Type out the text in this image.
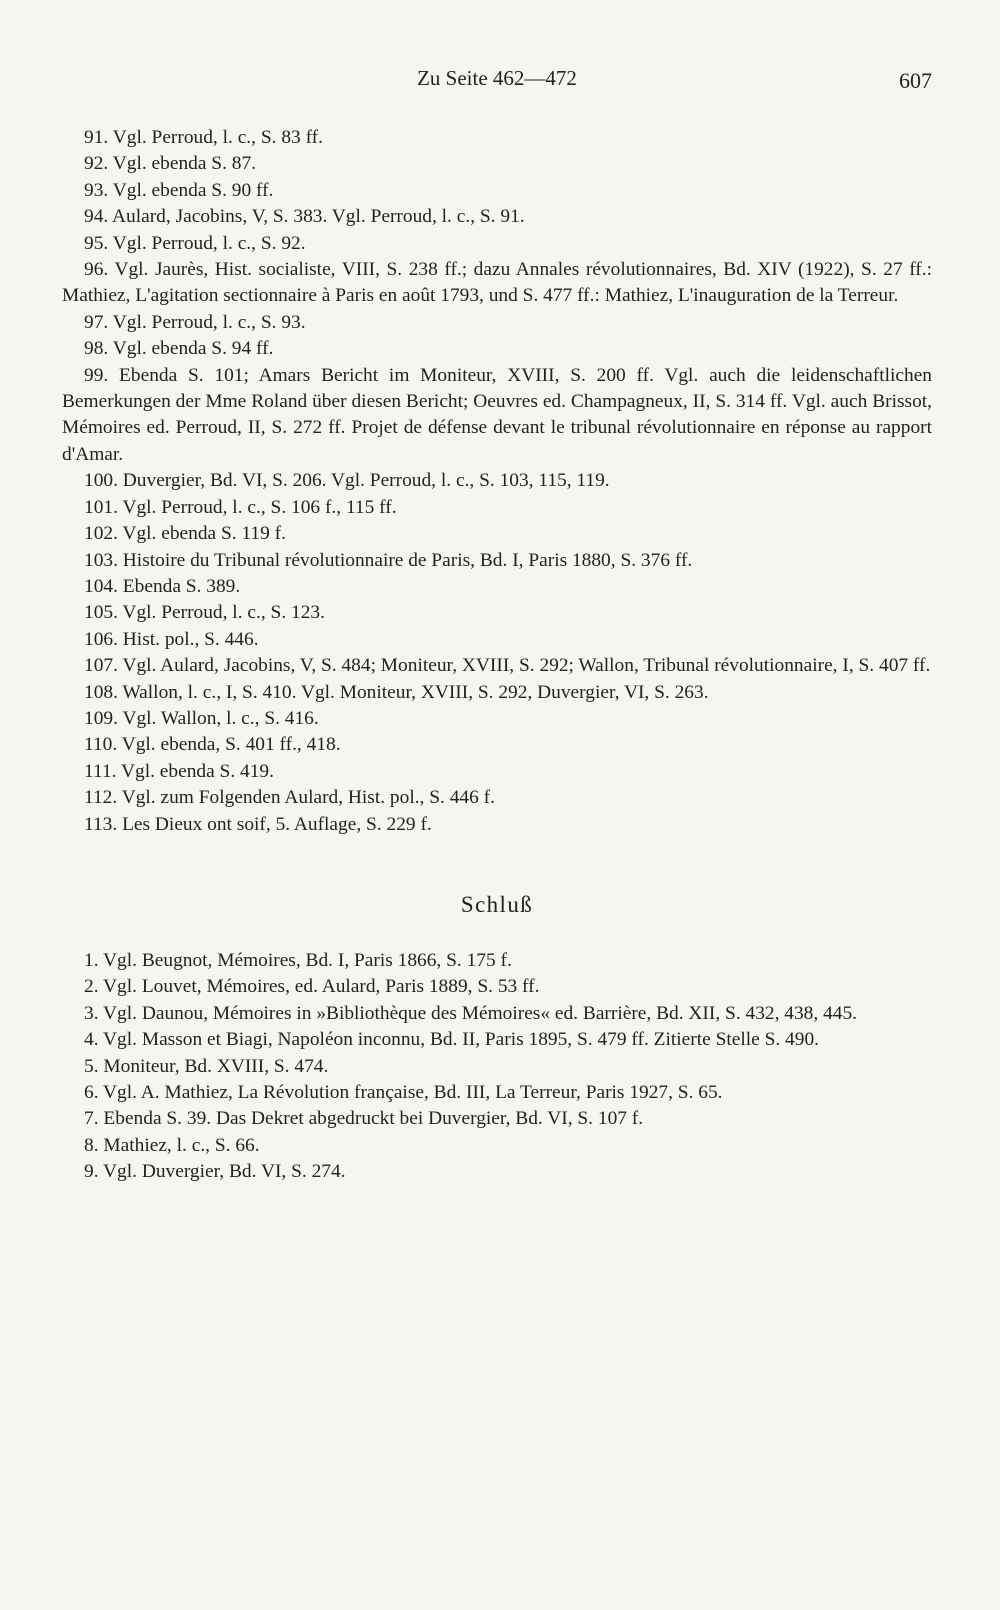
Zu Seite 462—472	607

91. Vgl. Perroud, l. c., S. 83 ff.

92. Vgl. ebenda S. 87.

93. Vgl. ebenda S. 90 ff.

94. Aulard, Jacobins, V, S. 383. Vgl. Perroud, l. c., S. 91.

95. Vgl. Perroud, l. c., S. 92.

96. Vgl. Jaurès, Hist. socialiste, VIII, S. 238 ff.; dazu Annales révolutionnaires, Bd. XIV (1922), S. 27 ff.: Mathiez, L'agitation sectionnaire à Paris en août 1793, und S. 477 ff.: Mathiez, L'inauguration de la Terreur.

97. Vgl. Perroud, l. c., S. 93.

98. Vgl. ebenda S. 94 ff.

99. Ebenda S. 101; Amars Bericht im Moniteur, XVIII, S. 200 ff. Vgl. auch die leidenschaftlichen Bemerkungen der Mme Roland über diesen Bericht; Oeuvres ed. Champagneux, II, S. 314 ff. Vgl. auch Brissot, Mémoires ed. Perroud, II, S. 272 ff. Projet de défense devant le tribunal révolutionnaire en réponse au rapport d'Amar.

100. Duvergier, Bd. VI, S. 206. Vgl. Perroud, l. c., S. 103, 115, 119.

101. Vgl. Perroud, l. c., S. 106 f., 115 ff.

102. Vgl. ebenda S. 119 f.

103. Histoire du Tribunal révolutionnaire de Paris, Bd. I, Paris 1880, S. 376 ff.

104. Ebenda S. 389.

105. Vgl. Perroud, l. c., S. 123.

106. Hist. pol., S. 446.

107. Vgl. Aulard, Jacobins, V, S. 484; Moniteur, XVIII, S. 292; Wallon, Tribunal révolutionnaire, I, S. 407 ff.

108. Wallon, l. c., I, S. 410. Vgl. Moniteur, XVIII, S. 292, Duvergier, VI, S. 263.

109. Vgl. Wallon, l. c., S. 416.

110. Vgl. ebenda, S. 401 ff., 418.

111. Vgl. ebenda S. 419.

112. Vgl. zum Folgenden Aulard, Hist. pol., S. 446 f.

113. Les Dieux ont soif, 5. Auflage, S. 229 f.

Schluß

1. Vgl. Beugnot, Mémoires, Bd. I, Paris 1866, S. 175 f.

2. Vgl. Louvet, Mémoires, ed. Aulard, Paris 1889, S. 53 ff.

3. Vgl. Daunou, Mémoires in »Bibliothèque des Mémoires« ed. Barrière, Bd. XII, S. 432, 438, 445.

4. Vgl. Masson et Biagi, Napoléon inconnu, Bd. II, Paris 1895, S. 479 ff. Zitierte Stelle S. 490.

5. Moniteur, Bd. XVIII, S. 474.

6. Vgl. A. Mathiez, La Révolution française, Bd. III, La Terreur, Paris 1927, S. 65.

7. Ebenda S. 39. Das Dekret abgedruckt bei Duvergier, Bd. VI, S. 107 f.

8. Mathiez, l. c., S. 66.

9. Vgl. Duvergier, Bd. VI, S. 274.
